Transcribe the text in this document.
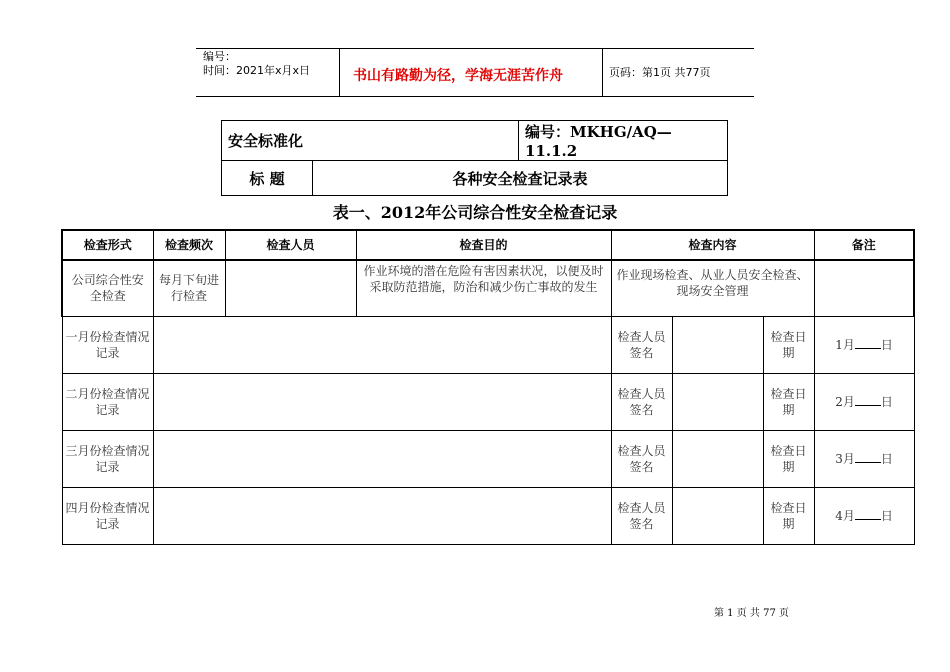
编号：
时间：2021年x月x日	书山有路勤为径，学海无涯苦作舟	页码：第1页 共77页
安全标准化		编号：MKHG/AQ—11.1.2
标 题	各种安全检查记录表	
表一、2012年公司综合性安全检查记录
检查形式	检查频次	检查人员	检查目的	检查内容			备注
公司综合性安全检查	每月下旬进行检查		作业环境的潜在危险有害因素状况，以便及时采取防范措施，防治和减少伤亡事故的发生	作业现场检查、从业人员安全检查、现场安全管理			
一月份检查情况记录				检查人员签名		检查日期	1月 日
二月份检查情况记录				检查人员签名		检查日期	2月 日
三月份检查情况记录				检查人员签名		检查日期	3月 日
四月份检查情况记录				检查人员签名		检查日期	4月 日
第 1 页 共 77 页
